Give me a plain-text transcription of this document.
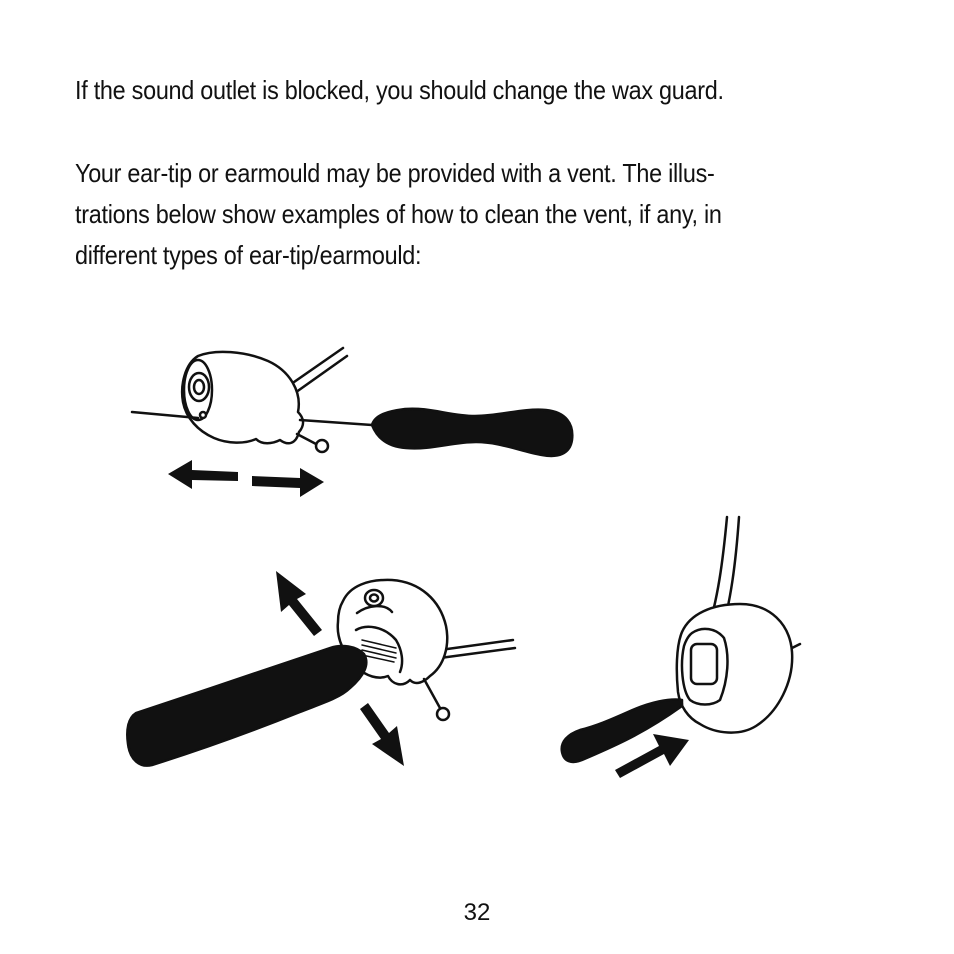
If the sound outlet is blocked, you should change the wax guard.

Your ear-tip or earmould may be provided with a vent. The illus-
trations below show examples of how to clean the vent, if any, in
different types of ear-tip/earmould:

32
